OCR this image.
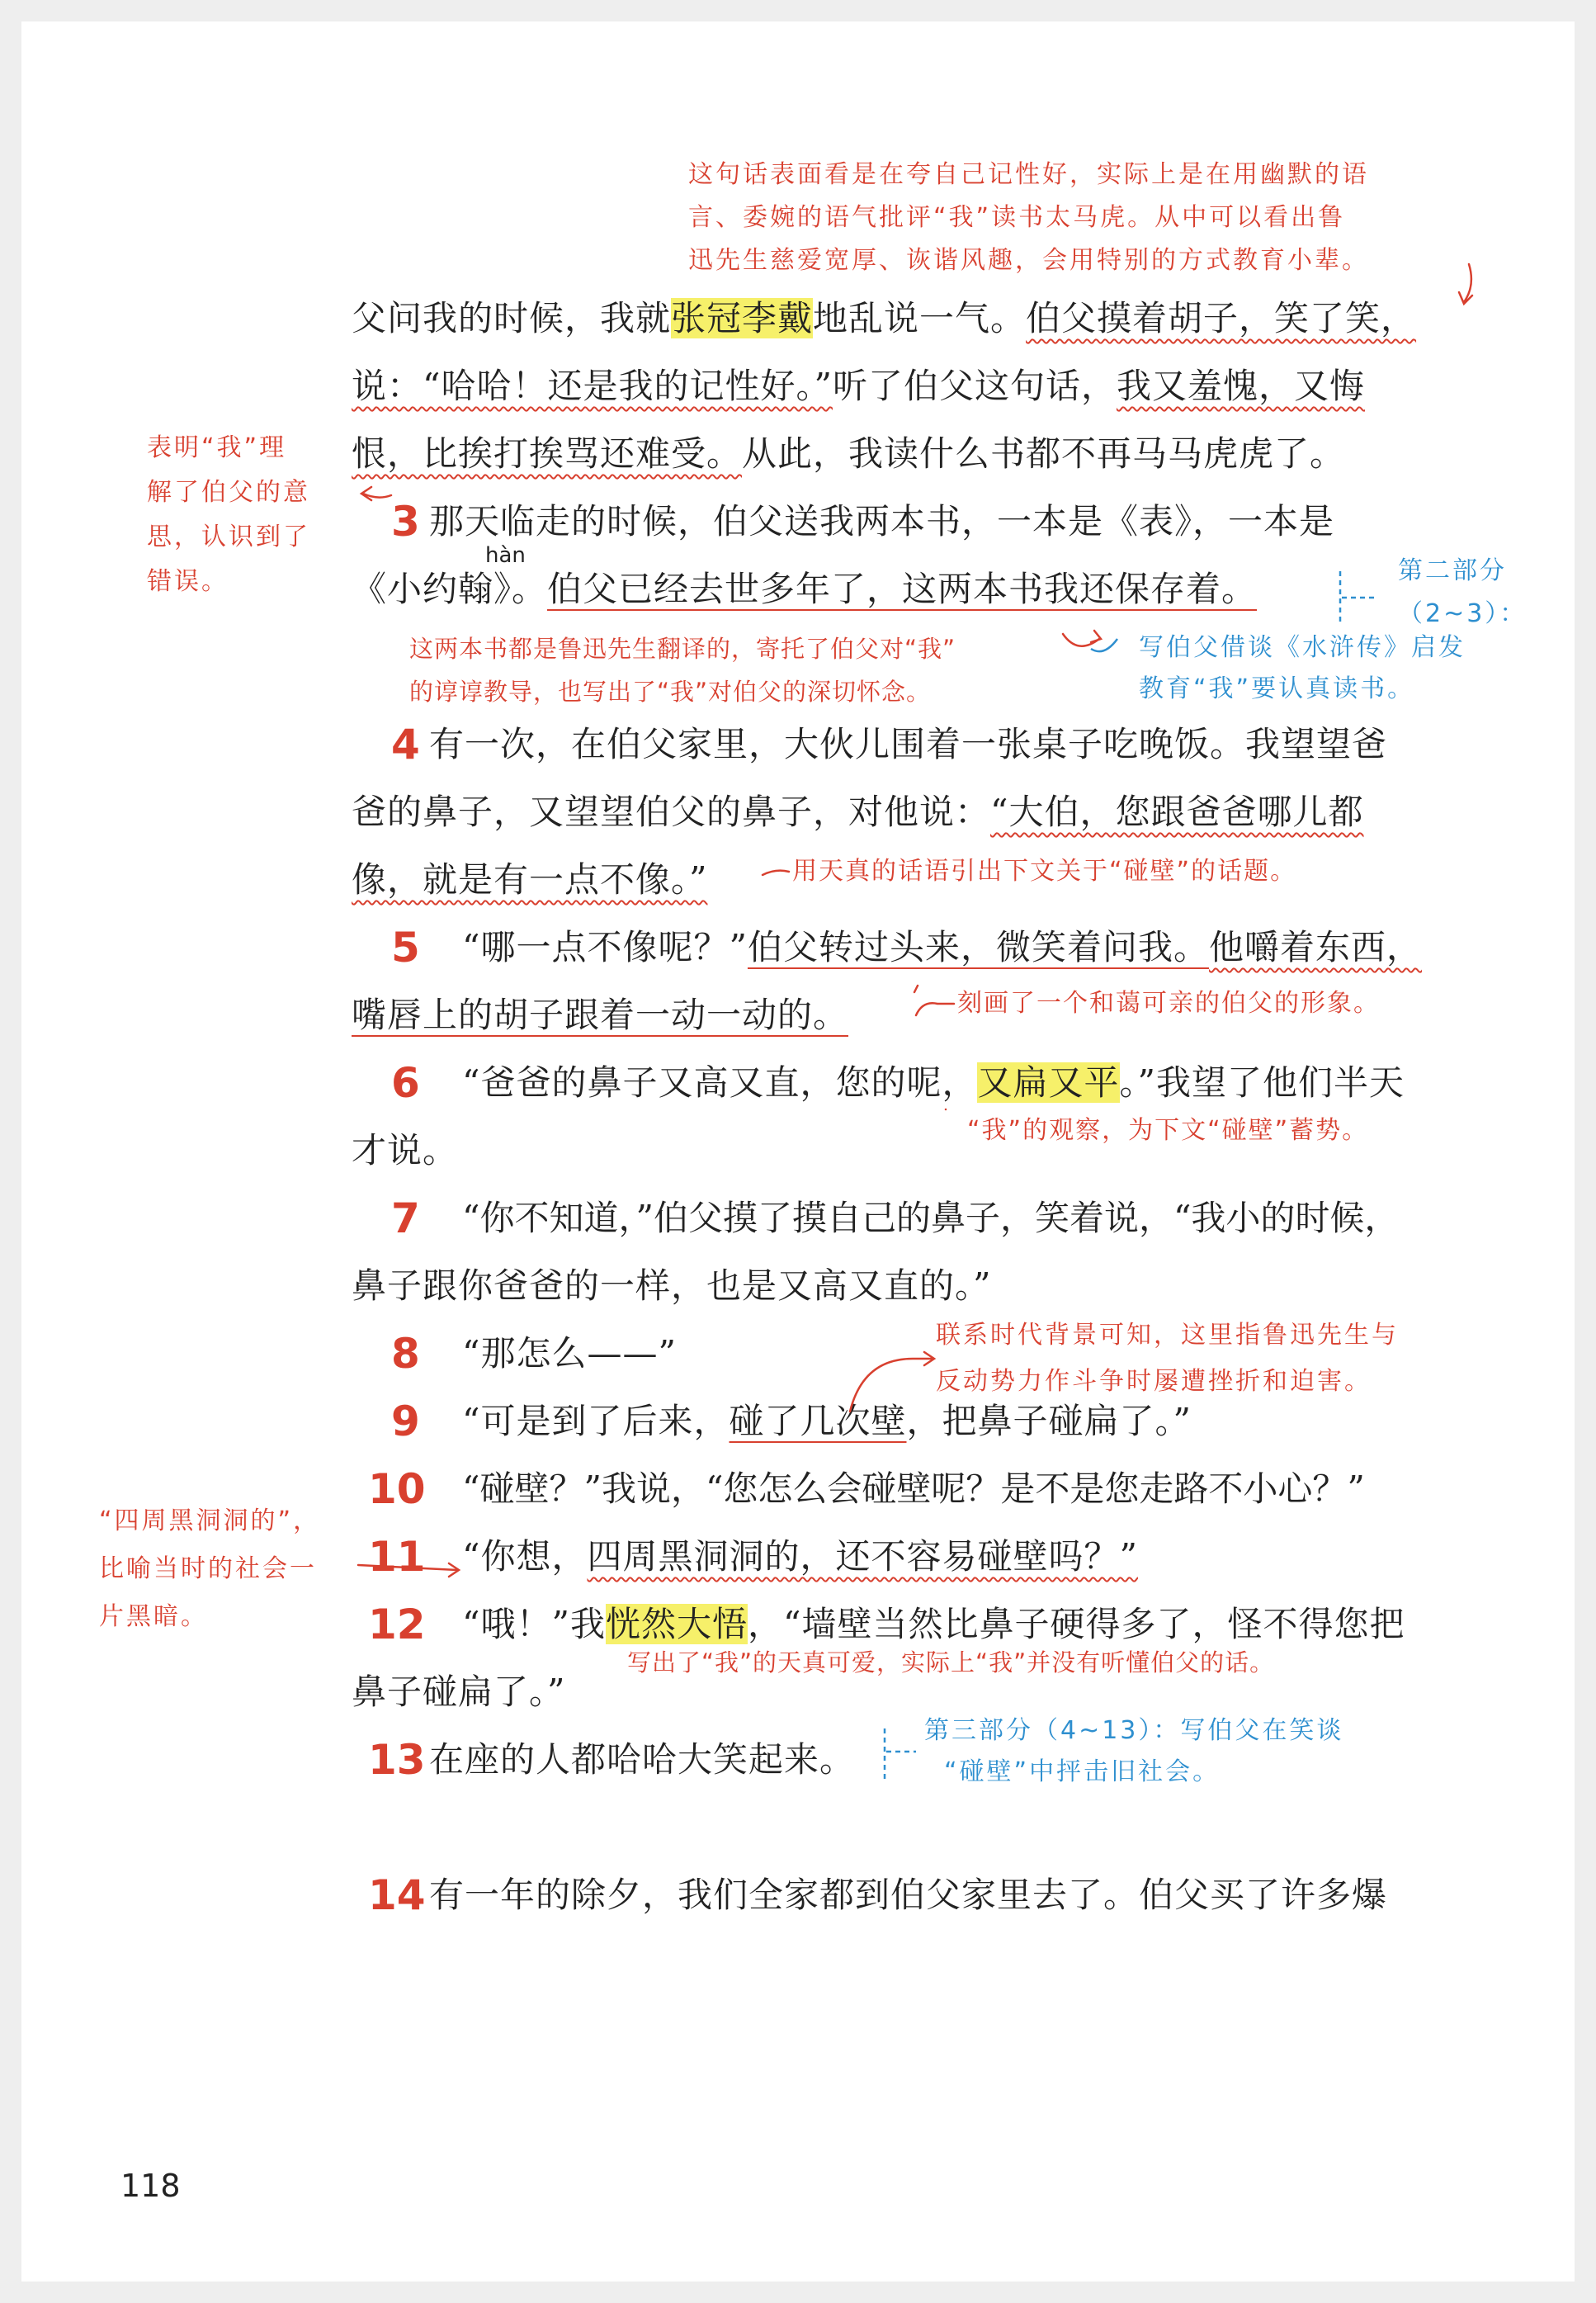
这句话表面看是在夸自己记性好，实际上是在用幽默的语
言、委婉的语气批评“我”读书太马虎。从中可以看出鲁
迅先生慈爱宽厚、诙谐风趣，会用特别的方式教育小辈。
父问我的时候，我就张冠李戴地乱说一气。伯父摸着胡子，笑了笑，
说：“哈哈！还是我的记性好。”听了伯父这句话，我又羞愧，又悔
恨，比挨打挨骂还难受。从此，我读什么书都不再马马虎虎了。
表明“我”理
解了伯父的意
思，认识到了
错误。
3 那天临走的时候，伯父送我两本书，一本是《表》，一本是
hàn
《小约翰》。伯父已经去世多年了，这两本书我还保存着。	第二部分
（2~3）：
写伯父借谈《水浒传》启发
教育“我”要认真读书。
这两本书都是鲁迅先生翻译的，寄托了伯父对“我”
的谆谆教导，也写出了“我”对伯父的深切怀念。
4 有一次，在伯父家里，大伙儿围着一张桌子吃晚饭。我望望爸
爸的鼻子，又望望伯父的鼻子，对他说：“大伯，您跟爸爸哪儿都
像，就是有一点不像。”	用天真的话语引出下文关于“碰壁”的话题。
5 “哪一点不像呢？”伯父转过头来，微笑着问我。他嚼着东西，
嘴唇上的胡子跟着一动一动的。	刻画了一个和蔼可亲的伯父的形象。
6 “爸爸的鼻子又高又直，您的呢，又扁又平。”我望了他们半天
“我”的观察，为下文“碰壁”蓄势。
才说。
7 “你不知道，”伯父摸了摸自己的鼻子，笑着说，“我小的时候，
鼻子跟你爸爸的一样，也是又高又直的。”
8 “那怎么——”	联系时代背景可知，这里指鲁迅先生与
反动势力作斗争时屡遭挫折和迫害。
9 “可是到了后来，碰了几次壁，把鼻子碰扁了。”
10 “碰壁？”我说，“您怎么会碰壁呢？是不是您走路不小心？”
“四周黑洞洞的”，
比喻当时的社会一
片黑暗。
11 “你想，四周黑洞洞的，还不容易碰壁吗？”
12 “哦！”我恍然大悟，“墙壁当然比鼻子硬得多了，怪不得您把
写出了“我”的天真可爱，实际上“我”并没有听懂伯父的话。
鼻子碰扁了。”
13 在座的人都哈哈大笑起来。
第三部分（4~13）：写伯父在笑谈
“碰壁”中抨击旧社会。
14 有一年的除夕，我们全家都到伯父家里去了。伯父买了许多爆
118
